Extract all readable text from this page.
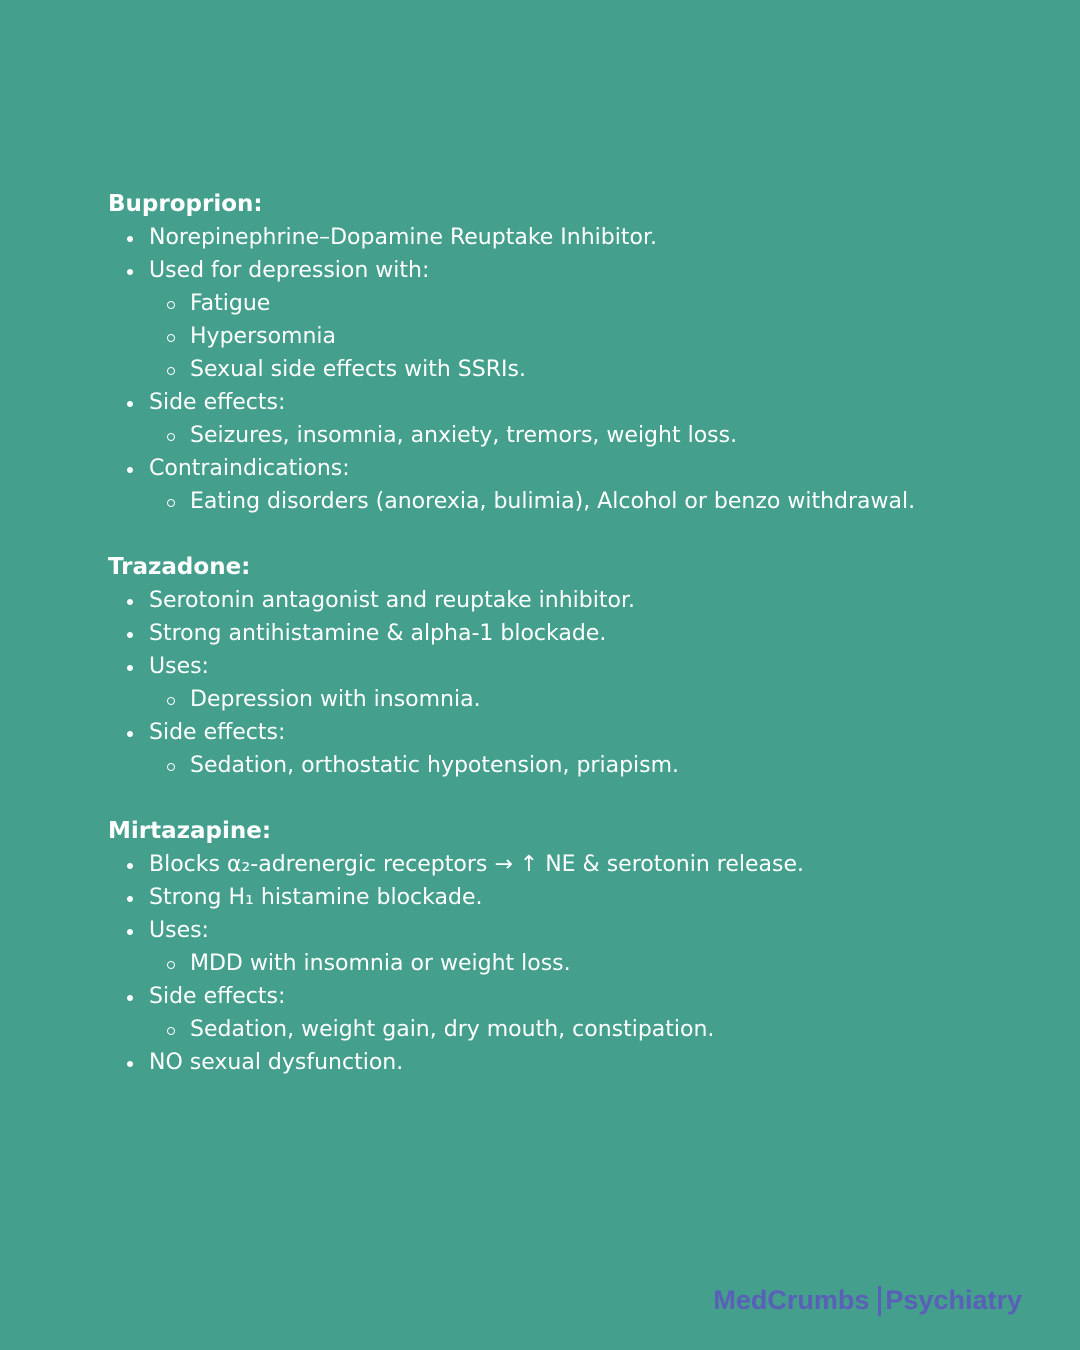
Buproprion:
Norepinephrine–Dopamine Reuptake Inhibitor.
Used for depression with:
Fatigue
Hypersomnia
Sexual side effects with SSRIs.
Side effects:
Seizures, insomnia, anxiety, tremors, weight loss.
Contraindications:
Eating disorders (anorexia, bulimia), Alcohol or benzo withdrawal.
Trazadone:
Serotonin antagonist and reuptake inhibitor.
Strong antihistamine & alpha-1 blockade.
Uses:
Depression with insomnia.
Side effects:
Sedation, orthostatic hypotension, priapism.
Mirtazapine:
Blocks α₂-adrenergic receptors → ↑ NE & serotonin release.
Strong H₁ histamine blockade.
Uses:
MDD with insomnia or weight loss.
Side effects:
Sedation, weight gain, dry mouth, constipation.
NO sexual dysfunction.
MedCrumbs Psychiatry
